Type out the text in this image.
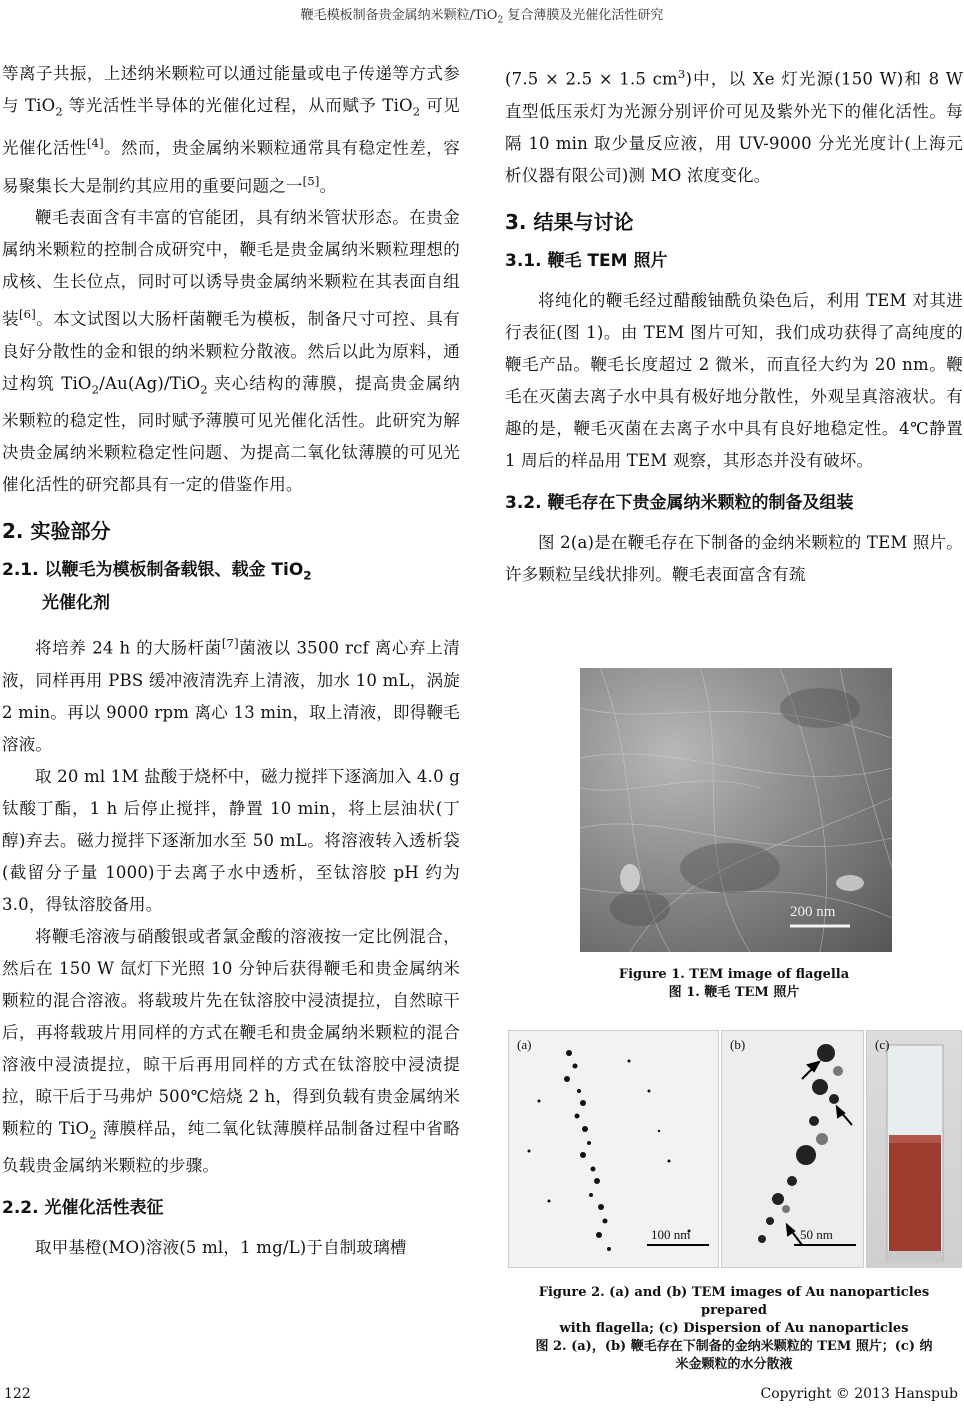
鞭毛模板制备贵金属纳米颗粒/TiO$_2$ 复合薄膜及光催化活性研究

等离子共振，上述纳米颗粒可以通过能量或电子传递等方式参与 TiO$_2$ 等光活性半导体的光催化过程，从而赋予 TiO$_2$ 可见光催化活性[4]。然而，贵金属纳米颗粒通常具有稳定性差，容易聚集长大是制约其应用的重要问题之一[5]。

鞭毛表面含有丰富的官能团，具有纳米管状形态。在贵金属纳米颗粒的控制合成研究中，鞭毛是贵金属纳米颗粒理想的成核、生长位点，同时可以诱导贵金属纳米颗粒在其表面自组装[6]。本文试图以大肠杆菌鞭毛为模板，制备尺寸可控、具有良好分散性的金和银的纳米颗粒分散液。然后以此为原料，通过构筑 TiO$_2$/Au(Ag)/TiO$_2$ 夹心结构的薄膜，提高贵金属纳米颗粒的稳定性，同时赋予薄膜可见光催化活性。此研究为解决贵金属纳米颗粒稳定性问题、为提高二氧化钛薄膜的可见光催化活性的研究都具有一定的借鉴作用。

2. 实验部分
2.1. 以鞭毛为模板制备载银、载金 TiO$_2$
光催化剂

将培养 24 h 的大肠杆菌[7]菌液以 3500 rcf 离心弃上清液，同样再用 PBS 缓冲液清洗弃上清液，加水 10 mL，涡旋 2 min。再以 9000 rpm 离心 13 min，取上清液，即得鞭毛溶液。

取 20 ml 1M 盐酸于烧杯中，磁力搅拌下逐滴加入 4.0 g 钛酸丁酯，1 h 后停止搅拌，静置 10 min，将上层油状(丁醇)弃去。磁力搅拌下逐渐加水至 50 mL。将溶液转入透析袋(截留分子量 1000)于去离子水中透析，至钛溶胶 pH 约为 3.0，得钛溶胶备用。

将鞭毛溶液与硝酸银或者氯金酸的溶液按一定比例混合，然后在 150 W 氙灯下光照 10 分钟后获得鞭毛和贵金属纳米颗粒的混合溶液。将载玻片先在钛溶胶中浸渍提拉，自然晾干后，再将载玻片用同样的方式在鞭毛和贵金属纳米颗粒的混合溶液中浸渍提拉，晾干后再用同样的方式在钛溶胶中浸渍提拉，晾干后于马弗炉 500℃焙烧 2 h，得到负载有贵金属纳米颗粒的 TiO$_2$ 薄膜样品，纯二氧化钛薄膜样品制备过程中省略负载贵金属纳米颗粒的步骤。

2.2. 光催化活性表征

取甲基橙(MO)溶液(5 ml，1 mg/L)于自制玻璃槽

(7.5 × 2.5 × 1.5 $cm^3$)中，以 Xe 灯光源(150 W)和 8 W 直型低压汞灯为光源分别评价可见及紫外光下的催化活性。每隔 10 min 取少量反应液，用 UV-9000 分光光度计(上海元析仪器有限公司)测 MO 浓度变化。

3. 结果与讨论
3.1. 鞭毛 TEM 照片

将纯化的鞭毛经过醋酸铀酰负染色后，利用 TEM 对其进行表征(图 1)。由 TEM 图片可知，我们成功获得了高纯度的鞭毛产品。鞭毛长度超过 2 微米，而直径大约为 20 nm。鞭毛在灭菌去离子水中具有极好地分散性，外观呈真溶液状。有趣的是，鞭毛灭菌在去离子水中具有良好地稳定性。4℃静置 1 周后的样品用 TEM 观察，其形态并没有破坏。

3.2. 鞭毛存在下贵金属纳米颗粒的制备及组装

图 2(a)是在鞭毛存在下制备的金纳米颗粒的 TEM 照片。许多颗粒呈线状排列。鞭毛表面富含有巯

200 nm
Figure 1. TEM image of flagella
图 1. 鞭毛 TEM 照片
(a)
100 nm
(b)
50 nm
(c)
Figure 2. (a) and (b) TEM images of Au nanoparticles prepared
with flagella; (c) Dispersion of Au nanoparticles
图 2. (a)，(b) 鞭毛存在下制备的金纳米颗粒的 TEM 照片；(c) 纳
米金颗粒的水分散液
122	Copyright © 2013 Hanspub
